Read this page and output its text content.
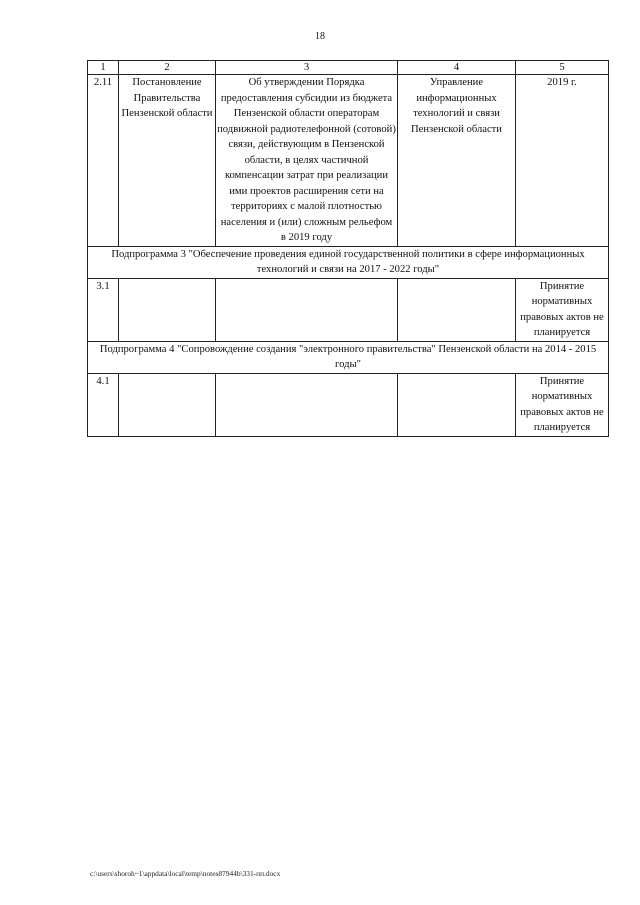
18
1	2	3	4	5
2.11	Постановление Правительства Пензенской области	Об утверждении Порядка предоставления субсидии из бюджета Пензенской области операторам подвижной радиотелефонной (сотовой) связи, действующим в Пензенской области, в целях частичной компенсации затрат при реализации ими проектов расширения сети на территориях с малой плотностью населения и (или) сложным рельефом в 2019 году	Управление информационных технологий и связи Пензенской области	2019 г.
Подпрограмма 3 "Обеспечение проведения единой государственной политики в сфере информационных технологий и связи на 2017 - 2022 годы"				
3.1				Принятие нормативных правовых актов не планируется
Подпрограмма 4 "Сопровождение создания "электронного правительства" Пензенской области на 2014 - 2015 годы"				
4.1				Принятие нормативных правовых актов не планируется
c:\users\shoroh~1\appdata\local\temp\notes87944b\331-пп.docx
